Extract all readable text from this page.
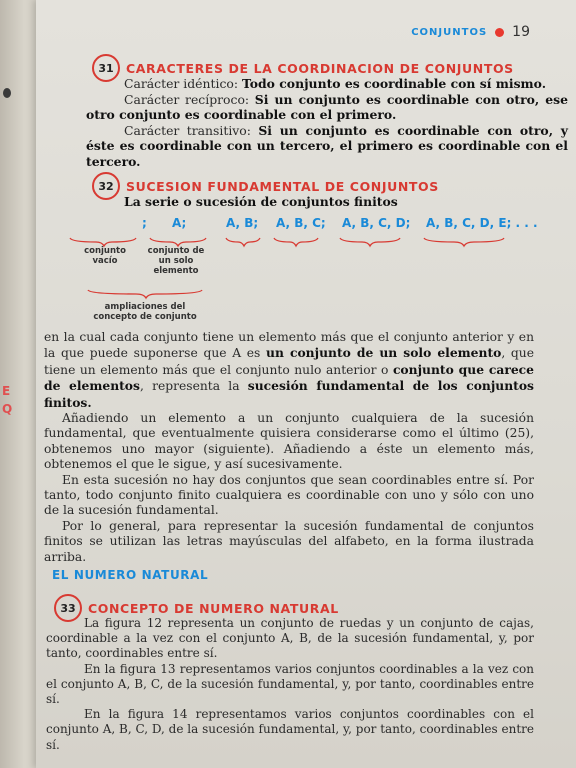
E
Q
CONJUNTOS 19
31 CARACTERES DE LA COORDINACION DE CONJUNTOS

Carácter idéntico: Todo conjunto es coordinable con sí mismo.

Carácter recíproco: Si un conjunto es coordinable con otro, ese otro conjunto es coordinable con el primero.

Carácter transitivo: Si un conjunto es coordinable con otro, y éste es coordinable con un tercero, el primero es coordinable con el tercero.

32 SUCESION FUNDAMENTAL DE CONJUNTOS

La serie o sucesión de conjuntos finitos

; A;	A, B; A, B, C; A, B, C, D; A, B, C, D, E; . . .
conjunto vacío
conjunto de un solo elemento
ampliaciones del concepto de conjunto

en la cual cada conjunto tiene un elemento más que el conjunto anterior y en la que puede suponerse que A es un conjunto de un solo elemento, que tiene un elemento más que el conjunto nulo anterior o conjunto que carece de elementos, representa la sucesión fundamental de los conjuntos finitos.

Añadiendo un elemento a un conjunto cualquiera de la sucesión fundamental, que eventualmente quisiera considerarse como el último (25), obtenemos uno mayor (siguiente). Añadiendo a éste un elemento más, obtenemos el que le sigue, y así sucesivamente.

En esta sucesión no hay dos conjuntos que sean coordinables entre sí. Por tanto, todo conjunto finito cualquiera es coordinable con uno y sólo con uno de la sucesión fundamental.

Por lo general, para representar la sucesión fundamental de conjuntos finitos se utilizan las letras mayúsculas del alfabeto, en la forma ilustrada arriba.

EL NUMERO NATURAL
33 CONCEPTO DE NUMERO NATURAL

La figura 12 representa un conjunto de ruedas y un conjunto de cajas, coordinable a la vez con el conjunto A, B, de la sucesión fundamental, y, por tanto, coordinables entre sí.

En la figura 13 representamos varios conjuntos coordinables a la vez con el conjunto A, B, C, de la sucesión fundamental, y, por tanto, coordinables entre sí.

En la figura 14 representamos varios conjuntos coordinables con el conjunto A, B, C, D, de la sucesión fundamental, y, por tanto, coordinables entre sí.
